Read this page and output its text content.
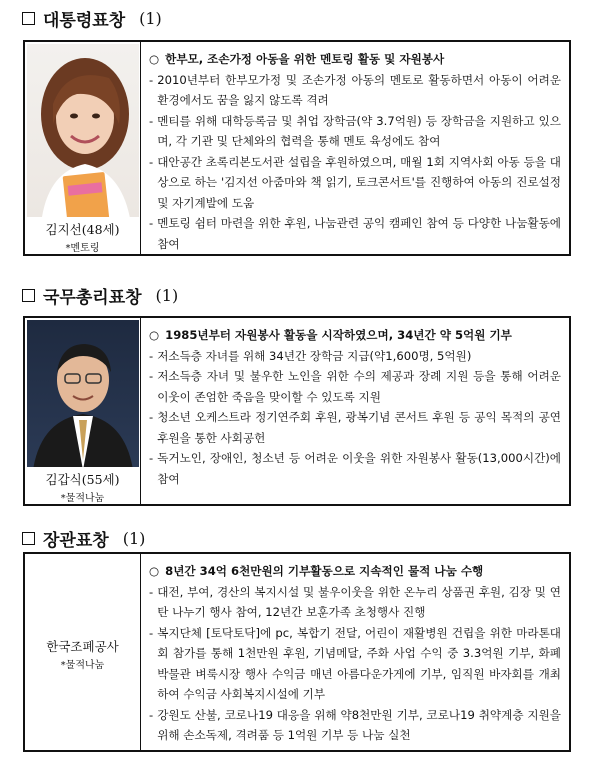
대통령표창 (1)
김지선(48세)
*멘토링
○ 한부모, 조손가정 아동을 위한 멘토링 활동 및 자원봉사
- 2010년부터 한부모가정 및 조손가정 아동의 멘토로 활동하면서 아동이 어려운 환경에서도 꿈을 잃지 않도록 격려
- 멘티를 위해 대학등록금 및 취업 장학금(약 3.7억원) 등 장학금을 지원하고 있으며, 각 기관 및 단체와의 협력을 통해 멘토 육성에도 참여
- 대안공간 초록리본도서관 설립을 후원하였으며, 매월 1회 지역사회 아동 등을 대상으로 하는 '김지선 아줌마와 책 읽기, 토크콘서트'를 진행하여 아동의 진로설정 및 자기계발에 도움
- 멘토링 쉼터 마련을 위한 후원, 나눔관련 공익 캠페인 참여 등 다양한 나눔활동에 참여
국무총리표창 (1)
김갑식(55세)
*물적나눔
○ 1985년부터 자원봉사 활동을 시작하였으며, 34년간 약 5억원 기부
- 저소득층 자녀를 위해 34년간 장학금 지급(약1,600명, 5억원)
- 저소득층 자녀 및 불우한 노인을 위한 수의 제공과 장례 지원 등을 통해 어려운 이웃이 존엄한 죽음을 맞이할 수 있도록 지원
- 청소년 오케스트라 정기연주회 후원, 광복기념 콘서트 후원 등 공익 목적의 공연 후원을 통한 사회공헌
- 독거노인, 장애인, 청소년 등 어려운 이웃을 위한 자원봉사 활동(13,000시간)에 참여
장관표창 (1)
한국조폐공사
*물적나눔
○ 8년간 34억 6천만원의 기부활동으로 지속적인 물적 나눔 수행
- 대전, 부여, 경산의 복지시설 및 불우이웃을 위한 온누리 상품권 후원, 김장 및 연탄 나누기 행사 참여, 12년간 보훈가족 초청행사 진행
- 복지단체 [토닥토닥]에 pc, 복합기 전달, 어린이 재활병원 건립을 위한 마라톤대회 참가를 통해 1천만원 후원, 기념메달, 주화 사업 수익 중 3.3억원 기부, 화폐박물관 벼룩시장 행사 수익금 매년 아름다운가게에 기부, 임직원 바자회를 개최하여 수익금 사회복지시설에 기부
- 강원도 산불, 코로나19 대응을 위해 약8천만원 기부, 코로나19 취약계층 지원을 위해 손소독제, 격려품 등 1억원 기부 등 나눔 실천
